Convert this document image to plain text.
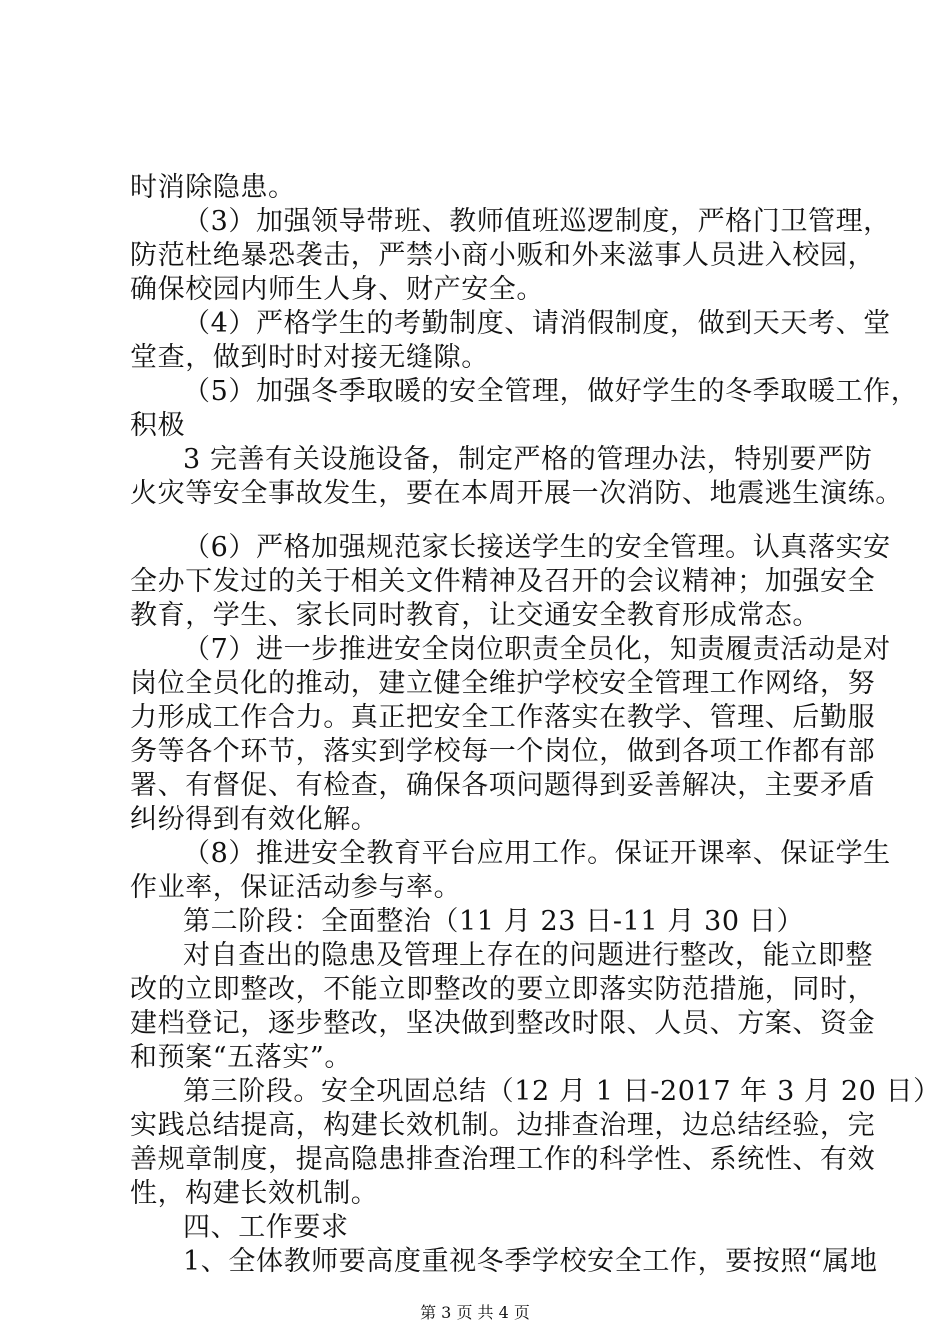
时消除隐患。
（3）加强领导带班、教师值班巡逻制度，严格门卫管理，
防范杜绝暴恐袭击，严禁小商小贩和外来滋事人员进入校园，
确保校园内师生人身、财产安全。
（4）严格学生的考勤制度、请消假制度，做到天天考、堂
堂查，做到时时对接无缝隙。
（5）加强冬季取暖的安全管理，做好学生的冬季取暖工作，
积极
3 完善有关设施设备，制定严格的管理办法，特别要严防
火灾等安全事故发生，要在本周开展一次消防、地震逃生演练。
（6）严格加强规范家长接送学生的安全管理。认真落实安
全办下发过的关于相关文件精神及召开的会议精神；加强安全
教育，学生、家长同时教育，让交通安全教育形成常态。
（7）进一步推进安全岗位职责全员化，知责履责活动是对
岗位全员化的推动，建立健全维护学校安全管理工作网络，努
力形成工作合力。真正把安全工作落实在教学、管理、后勤服
务等各个环节，落实到学校每一个岗位，做到各项工作都有部
署、有督促、有检查，确保各项问题得到妥善解决，主要矛盾
纠纷得到有效化解。
（8）推进安全教育平台应用工作。保证开课率、保证学生
作业率，保证活动参与率。
第二阶段：全面整治（11 月 23 日-11 月 30 日）
对自查出的隐患及管理上存在的问题进行整改，能立即整
改的立即整改，不能立即整改的要立即落实防范措施，同时，
建档登记，逐步整改，坚决做到整改时限、人员、方案、资金
和预案“五落实”。
第三阶段。安全巩固总结（12 月 1 日-2017 年 3 月 20 日）
实践总结提高，构建长效机制。边排查治理，边总结经验，完
善规章制度，提高隐患排查治理工作的科学性、系统性、有效
性，构建长效机制。
四、工作要求
1、全体教师要高度重视冬季学校安全工作，要按照“属地
第 3 页 共 4 页
